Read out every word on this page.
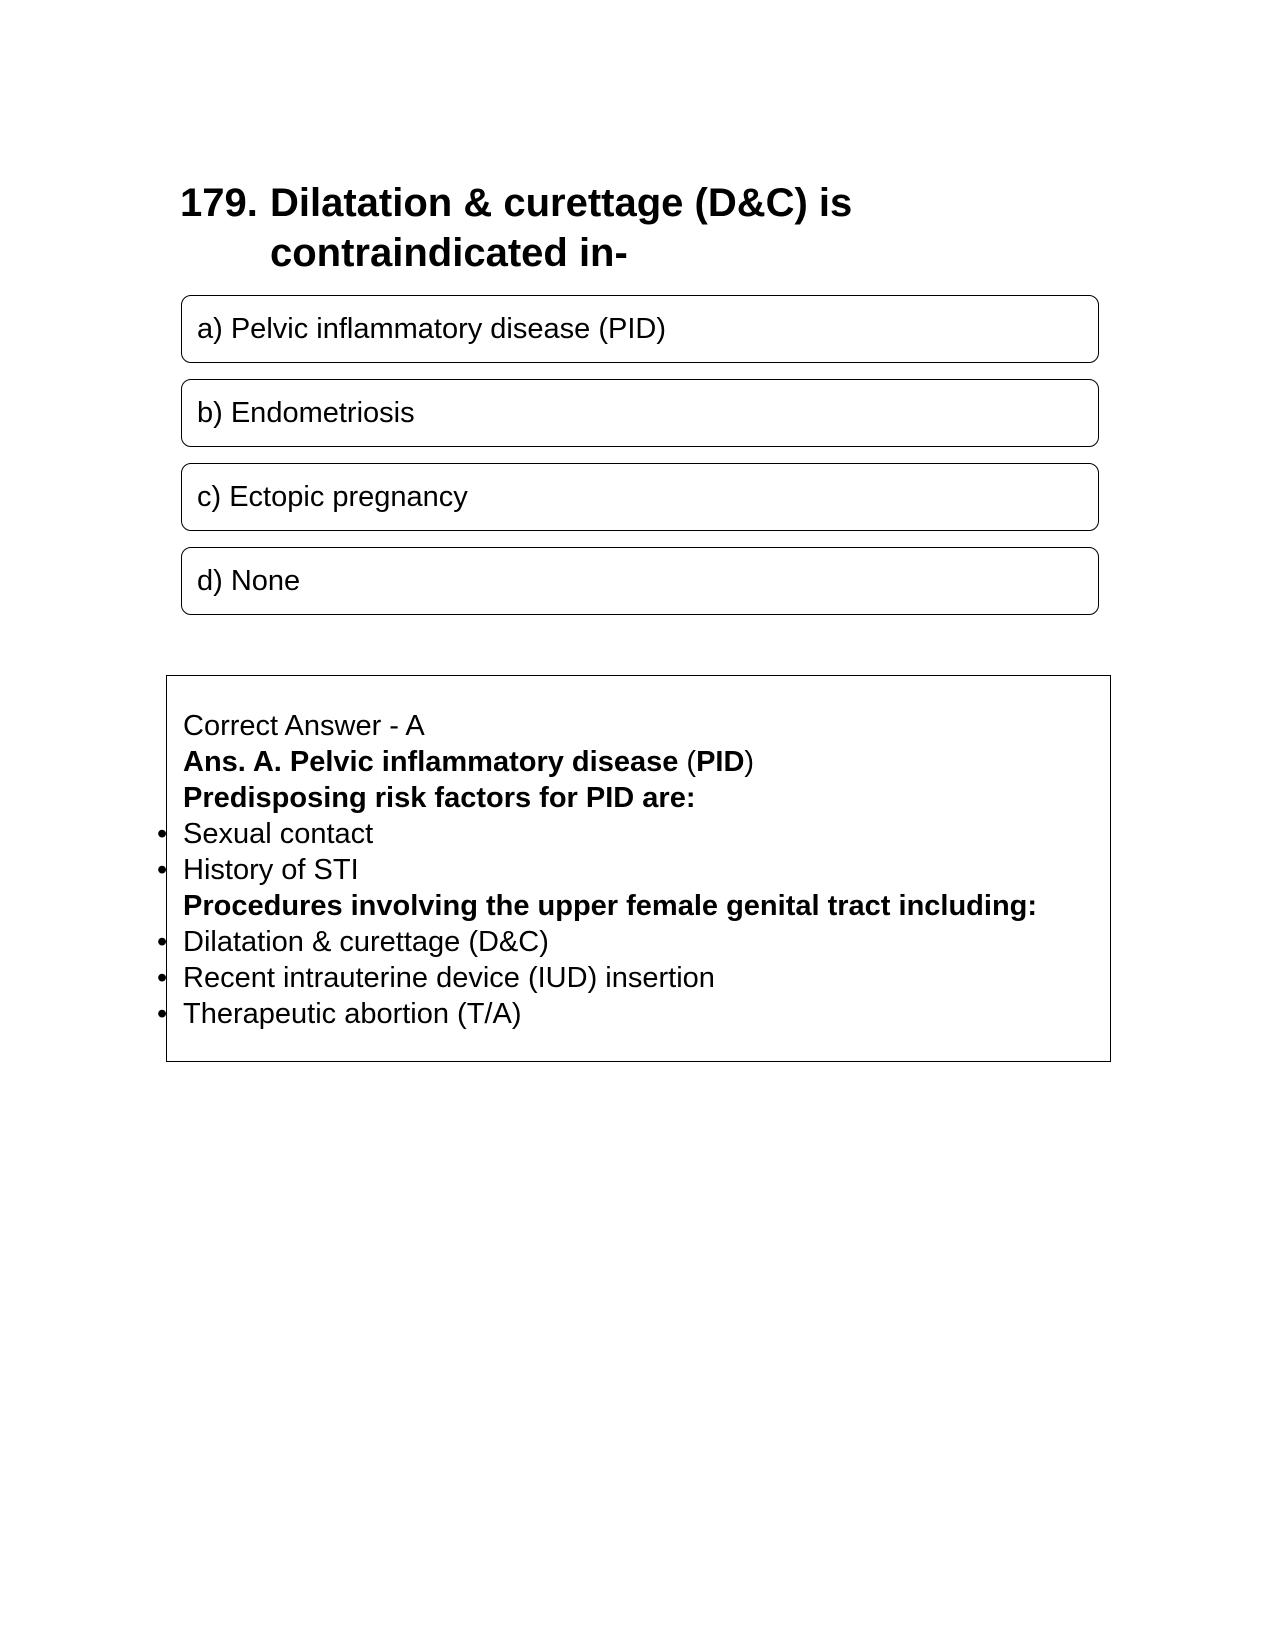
179. Dilatation & curettage (D&C) is contraindicated in-
a) Pelvic inflammatory disease (PID)
b) Endometriosis
c) Ectopic pregnancy
d) None
Correct Answer - A
Ans. A. Pelvic inflammatory disease (PID)
Predisposing risk factors for PID are:
• Sexual contact
• History of STI
Procedures involving the upper female genital tract including:
• Dilatation & curettage (D&C)
• Recent intrauterine device (IUD) insertion
• Therapeutic abortion (T/A)
